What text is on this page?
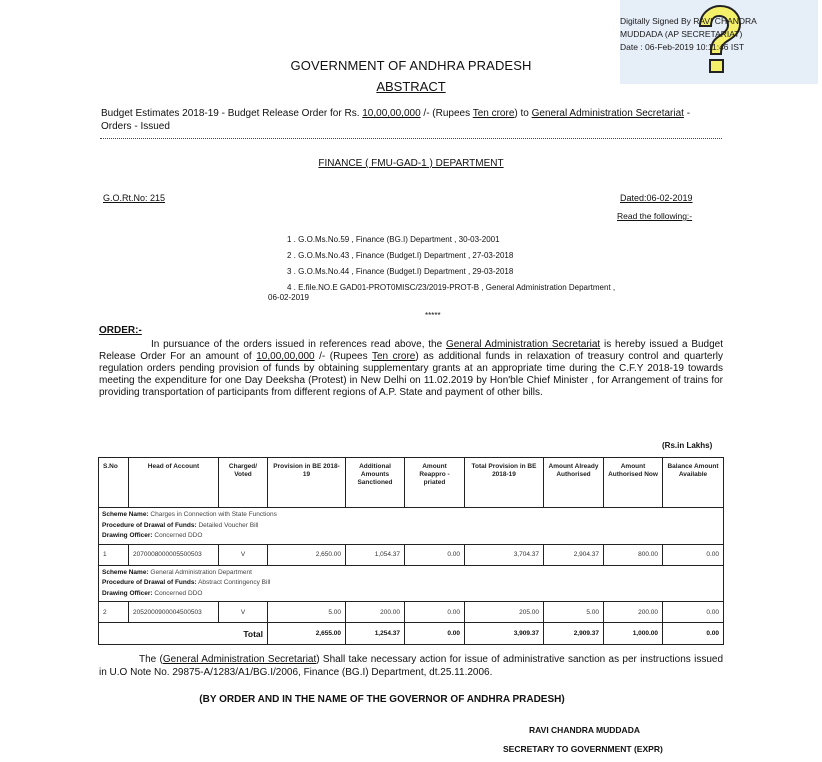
Digitally Signed By RAVI CHANDRA
MUDDADA (AP SECRETARIAT)
Date : 06-Feb-2019 10:11:46 IST
GOVERNMENT OF ANDHRA PRADESH
ABSTRACT
Budget Estimates 2018-19 - Budget Release Order for Rs. 10,00,00,000 /- (Rupees Ten crore) to General Administration Secretariat - Orders - Issued
FINANCE ( FMU-GAD-1 ) DEPARTMENT
G.O.Rt.No: 215	Dated:06-02-2019
Read the following:-
1 . G.O.Ms.No.59 , Finance (BG.I) Department , 30-03-2001
2 . G.O.Ms.No.43 , Finance (Budget.I) Department , 27-03-2018
3 . G.O.Ms.No.44 , Finance (Budget.I) Department , 29-03-2018
4 . E.file.NO.E GAD01-PROT0MISC/23/2019-PROT-B , General Administration Department ,
06-02-2019
*****
ORDER:-
In pursuance of the orders issued in references read above, the General Administration Secretariat is hereby issued a Budget Release Order For an amount of 10,00,00,000 /- (Rupees Ten crore) as additional funds in relaxation of treasury control and quarterly regulation orders pending provision of funds by obtaining supplementary grants at an appropriate time during the C.F.Y 2018-19 towards meeting the expenditure for one Day Deeksha (Protest) in New Delhi on 11.02.2019 by Hon'ble Chief Minister , for Arrangement of trains for providing transportation of participants from different regions of A.P. State and payment of other bills.
(Rs.in Lakhs)
S.No	Head of Account	Charged/ Voted	Provision in BE 2018-19	Additional Amounts Sanctioned	Amount Reappro -priated	Total Provision in BE 2018-19	Amount Already Authorised	Amount Authorised Now	Balance Amount Available

Scheme Name: Charges in Connection with State Functions
Procedure of Drawal of Funds: Detailed Voucher Bill
Drawing Officer: Concerned DDO									

1	2070008000005500503	V	2,650.00	1,054.37	0.00	3,704.37	2,904.37	800.00	0.00

Scheme Name: General Administration Department
Procedure of Drawal of Funds: Abstract Contingency Bill
Drawing Officer: Concerned DDO									

2	2052000900004500503	V	5.00	200.00	0.00	205.00	5.00	200.00	0.00
Total			2,655.00	1,254.37	0.00	3,909.37	2,909.37	1,000.00	0.00
The (General Administration Secretariat) Shall take necessary action for issue of administrative sanction as per instructions issued in U.O Note No. 29875-A/1283/A1/BG.I/2006, Finance (BG.I) Department, dt.25.11.2006.
(BY ORDER AND IN THE NAME OF THE GOVERNOR OF ANDHRA PRADESH)
RAVI CHANDRA MUDDADA
SECRETARY TO GOVERNMENT (EXPR)
